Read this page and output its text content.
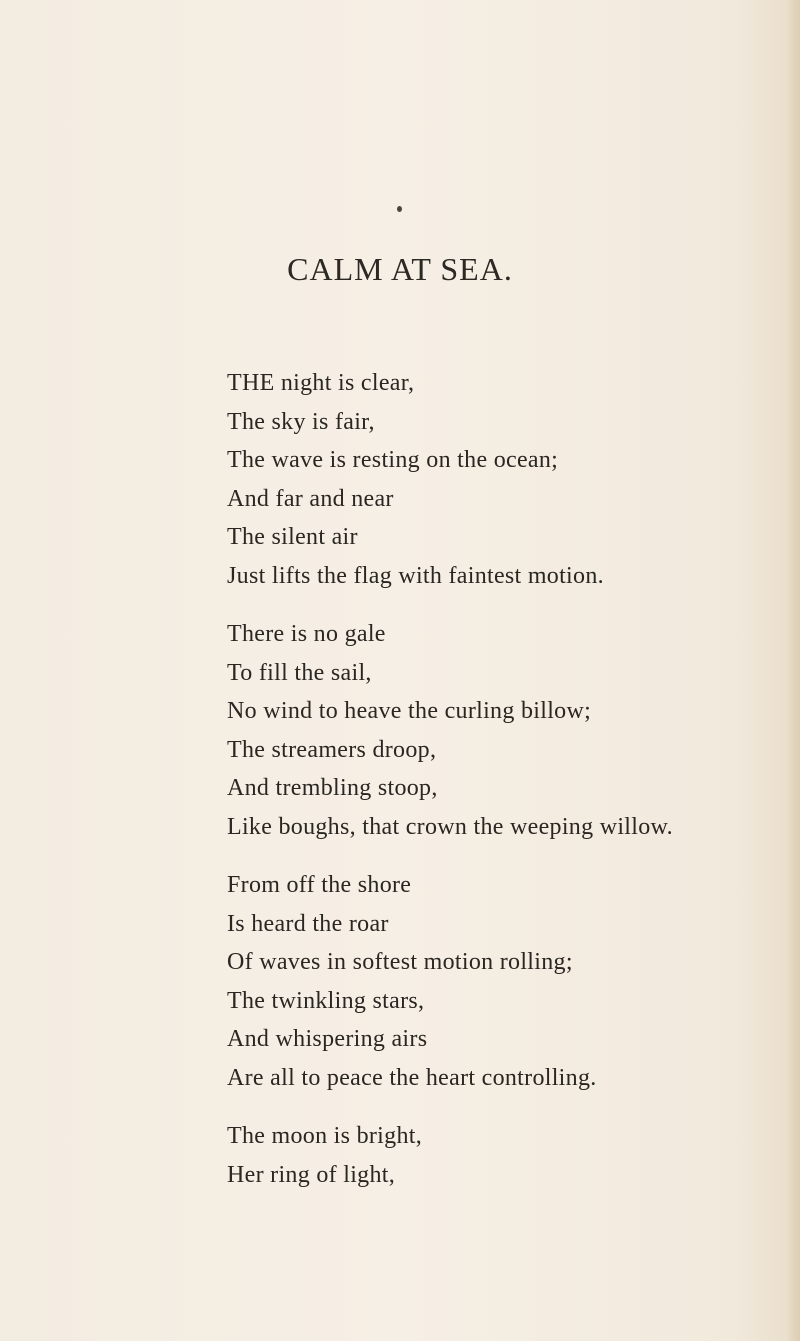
CALM AT SEA.
THE night is clear,
The sky is fair,
The wave is resting on the ocean;
And far and near
The silent air
Just lifts the flag with faintest motion.
There is no gale
To fill the sail,
No wind to heave the curling billow;
The streamers droop,
And trembling stoop,
Like boughs, that crown the weeping willow.
From off the shore
Is heard the roar
Of waves in softest motion rolling;
The twinkling stars,
And whispering airs
Are all to peace the heart controlling.
The moon is bright,
Her ring of light,
